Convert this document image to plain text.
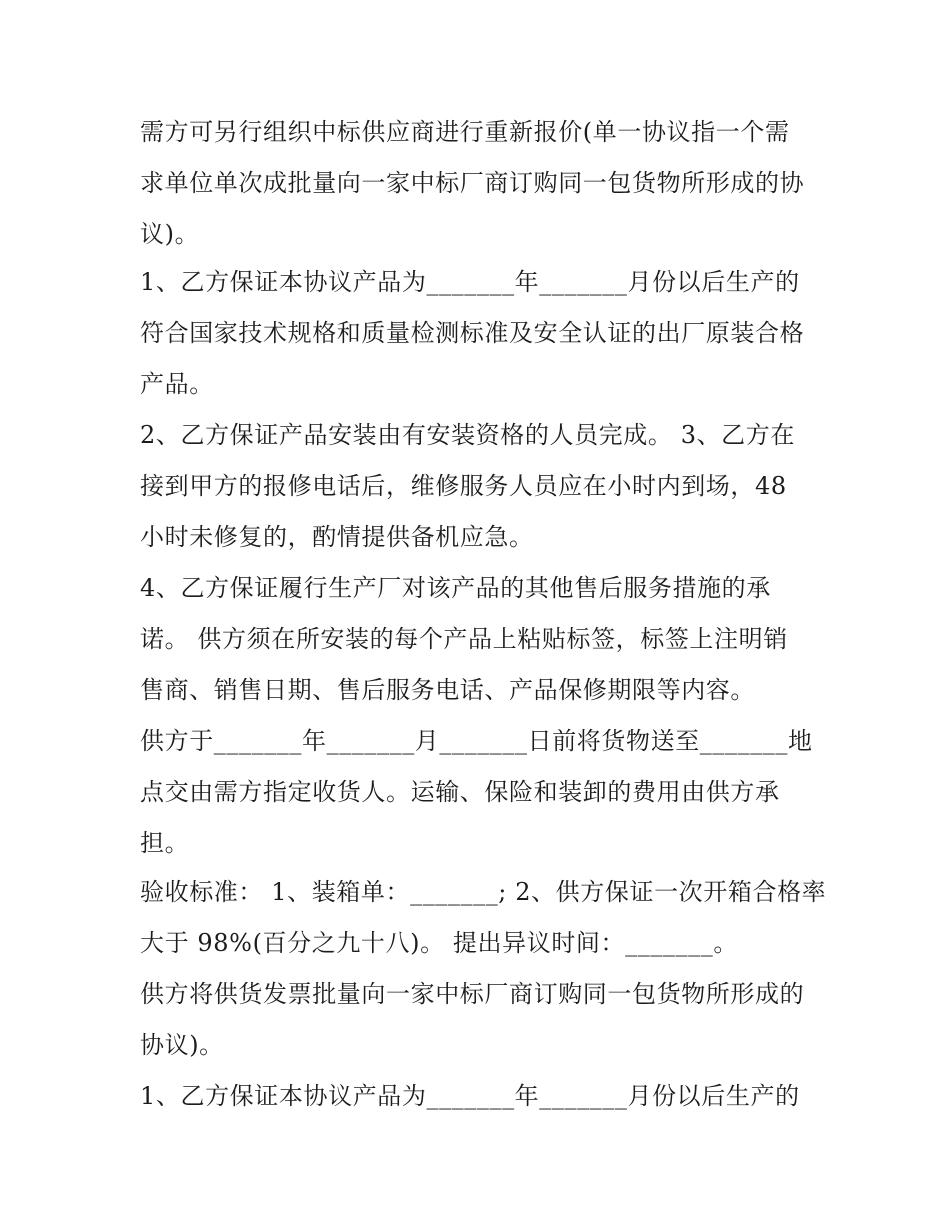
需方可另行组织中标供应商进行重新报价(单一协议指一个需
求单位单次成批量向一家中标厂商订购同一包货物所形成的协
议)。
1、乙方保证本协议产品为_______年_______月份以后生产的
符合国家技术规格和质量检测标准及安全认证的出厂原装合格
产品。
2、乙方保证产品安装由有安装资格的人员完成。 3、乙方在
接到甲方的报修电话后，维修服务人员应在小时内到场，48
小时未修复的，酌情提供备机应急。
4、乙方保证履行生产厂对该产品的其他售后服务措施的承
诺。 供方须在所安装的每个产品上粘贴标签，标签上注明销
售商、销售日期、售后服务电话、产品保修期限等内容。
供方于_______年_______月_______日前将货物送至_______地
点交由需方指定收货人。运输、保险和装卸的费用由供方承
担。
验收标准： 1、装箱单：_______; 2、供方保证一次开箱合格率
大于 98%(百分之九十八)。 提出异议时间：_______。
供方将供货发票批量向一家中标厂商订购同一包货物所形成的
协议)。
1、乙方保证本协议产品为_______年_______月份以后生产的
